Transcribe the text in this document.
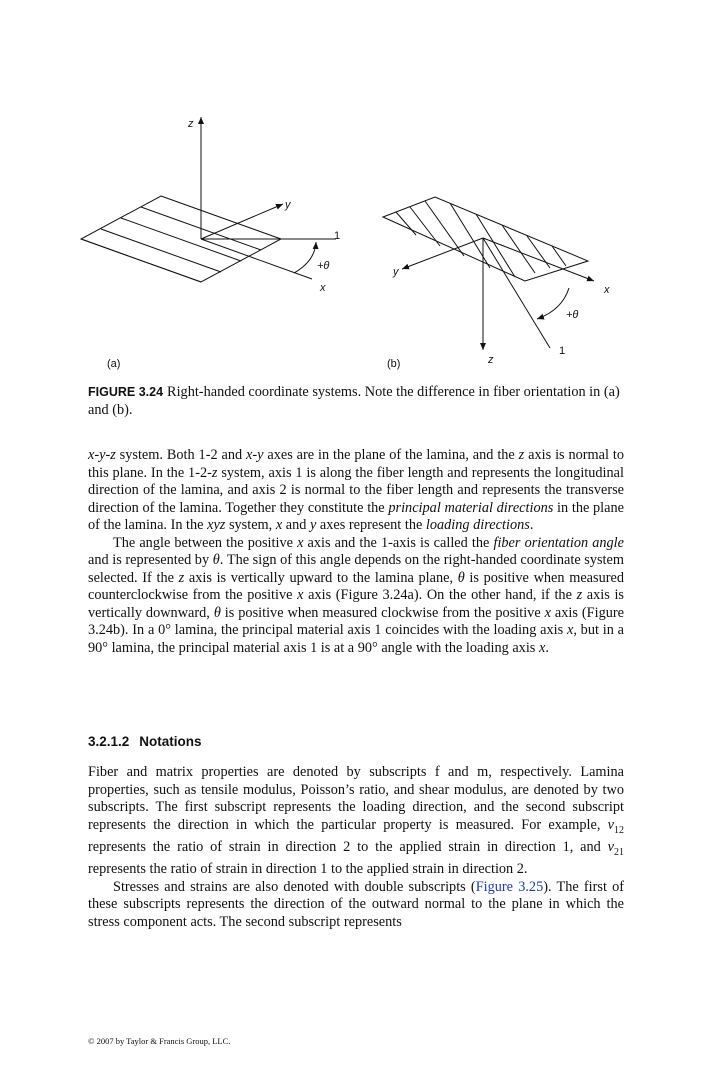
z
y
1
+θ
x
(a)
y
x
+θ
1
z
(b)
FIGURE 3.24 Right-handed coordinate systems. Note the difference in fiber orientation in (a) and (b).

x-y-z system. Both 1-2 and x-y axes are in the plane of the lamina, and the z axis is normal to this plane. In the 1-2-z system, axis 1 is along the fiber length and represents the longitudinal direction of the lamina, and axis 2 is normal to the fiber length and represents the transverse direction of the lamina. Together they constitute the principal material directions in the plane of the lamina. In the xyz system, x and y axes represent the loading directions.

The angle between the positive x axis and the 1-axis is called the fiber orientation angle and is represented by θ. The sign of this angle depends on the right-handed coordinate system selected. If the z axis is vertically upward to the lamina plane, θ is positive when measured counterclockwise from the positive x axis (Figure 3.24a). On the other hand, if the z axis is vertically downward, θ is positive when measured clockwise from the positive x axis (Figure 3.24b). In a 0° lamina, the principal material axis 1 coincides with the loading axis x, but in a 90° lamina, the principal material axis 1 is at a 90° angle with the loading axis x.

3.2.1.2 Notations

Fiber and matrix properties are denoted by subscripts f and m, respectively. Lamina properties, such as tensile modulus, Poisson’s ratio, and shear modulus, are denoted by two subscripts. The first subscript represents the loading direction, and the second subscript represents the direction in which the particular property is measured. For example, $\nu_{12}$ represents the ratio of strain in direction 2 to the applied strain in direction 1, and $\nu_{21}$ represents the ratio of strain in direction 1 to the applied strain in direction 2.

Stresses and strains are also denoted with double subscripts (Figure 3.25). The first of these subscripts represents the direction of the outward normal to the plane in which the stress component acts. The second subscript represents

© 2007 by Taylor & Francis Group, LLC.
